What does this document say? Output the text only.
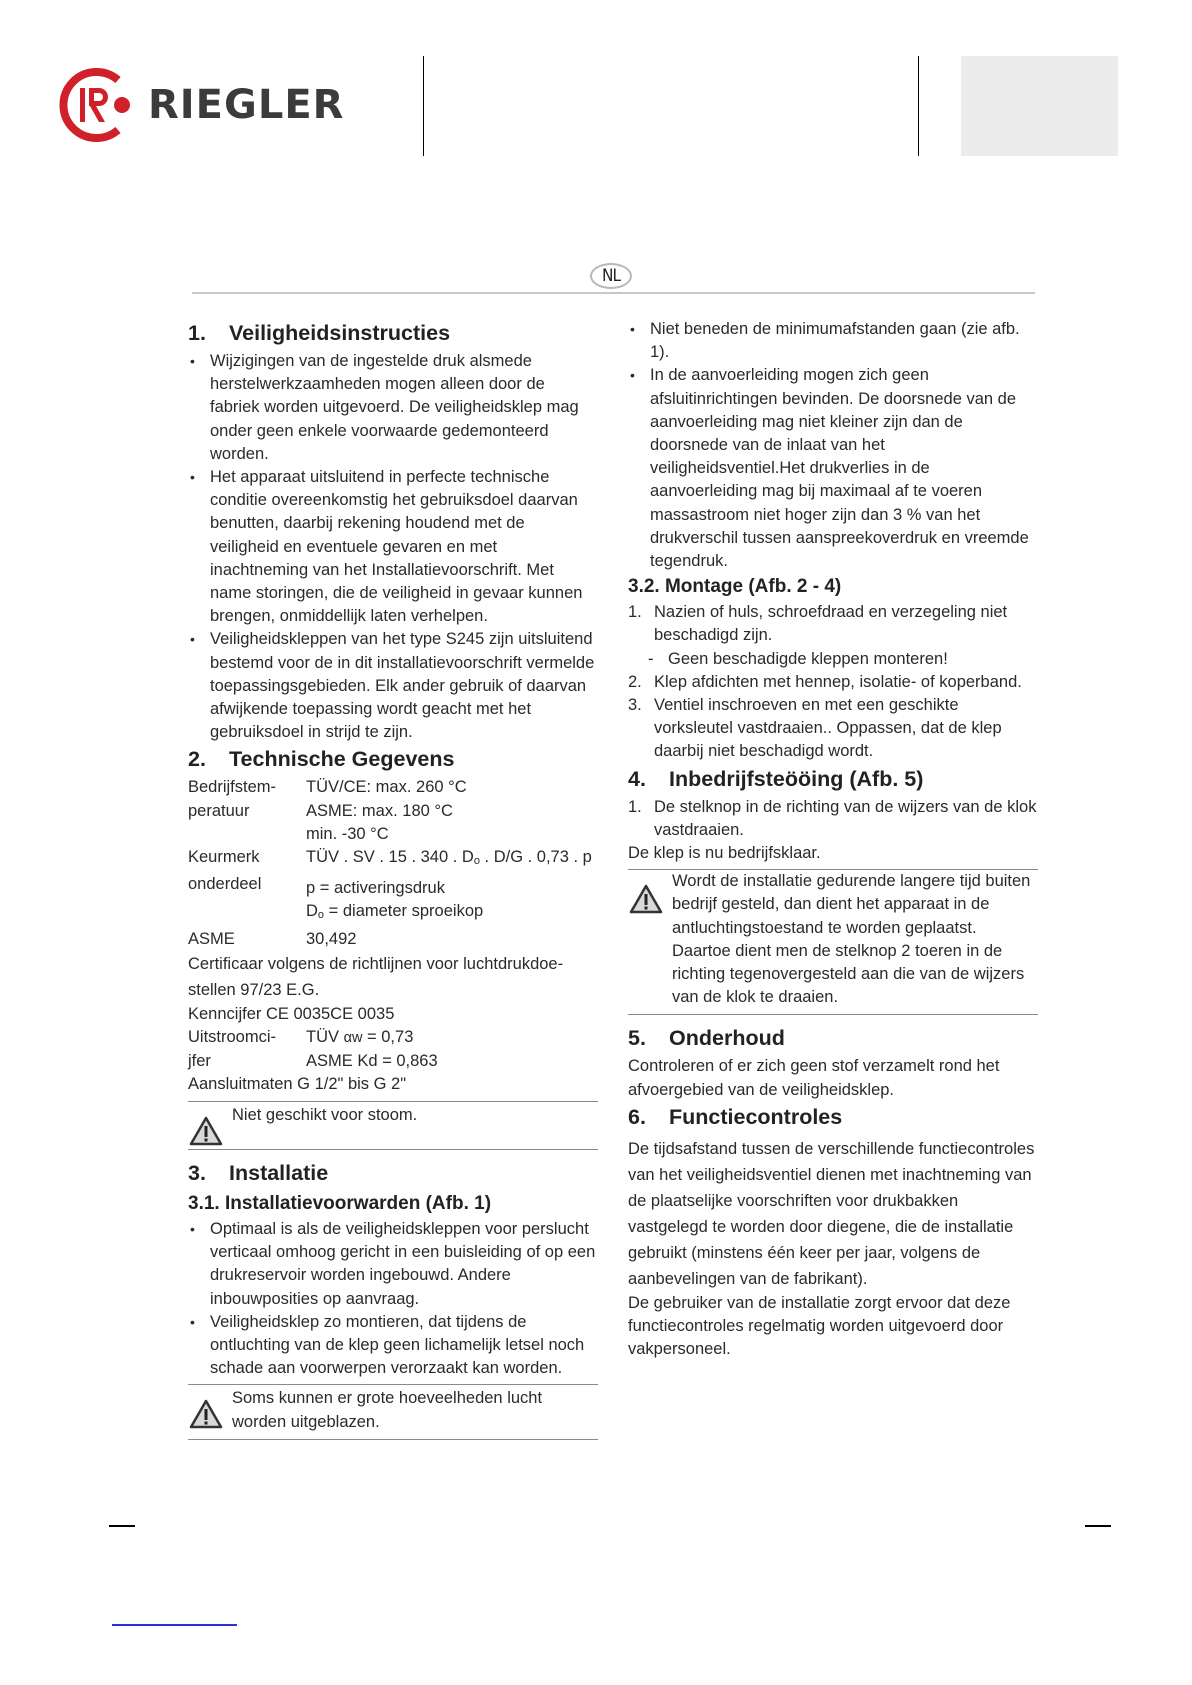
RIEGLER
NL
1.	Veiligheidsinstructies
• Wijzigingen van de ingestelde druk alsmede herstelwerkzaamheden mogen alleen door de fabriek worden uitgevoerd. De veiligheidsklep mag onder geen enkele voorwaarde gedemonteerd worden.
• Het apparaat uitsluitend in perfecte technische conditie overeenkomstig het gebruiksdoel daarvan benutten, daarbij rekening houdend met de veiligheid en eventuele gevaren en met inachtneming van het Installatievoorschrift. Met name storingen, die de veiligheid in gevaar kunnen brengen, onmiddellijk laten verhelpen.
• Veiligheidskleppen van het type S245 zijn uitsluitend bestemd voor de in dit installatievoorschrift vermelde toepassingsgebieden. Elk ander gebruik of daarvan afwijkende toepassing wordt geacht met het gebruiksdoel in strijd te zijn.
2.	Technische Gegevens
Bedrijfstem-	TÜV/CE: max. 260 °C
peratuur	ASME: max. 180 °C
	min. -30 °C
Keurmerk	TÜV . SV . 15 . 340 . $D_o$ . D/G . 0,73 . p
onderdeel	p = activeringsdruk
$D_o$ = diameter sproeikop

ASME	30,492

Certificaar volgens de richtlijnen voor luchtdrukdoe-stellen 97/23 E.G.

Kenncijfer CE 0035CE 0035

Uitstroomci-	TÜV αw = 0,73
jfer	ASME Kd = 0,863

Aansluitmaten G 1/2" bis G 2"

Niet geschikt voor stoom.
3.	Installatie
3.1. Installatievoorwarden (Afb. 1)
• Optimaal is als de veiligheidskleppen voor perslucht verticaal omhoog gericht in een buisleiding of op een drukreservoir worden ingebouwd. Andere inbouwposities op aanvraag.
• Veiligheidsklep zo montieren, dat tijdens de ontluchting van de klep geen lichamelijk letsel noch schade aan voorwerpen verorzaakt kan worden.
Soms kunnen er grote hoeveelheden lucht worden uitgeblazen.
• Niet beneden de minimumafstanden gaan (zie afb. 1).
• In de aanvoerleiding mogen zich geen afsluitinrichtingen bevinden. De doorsnede van de aanvoerleiding mag niet kleiner zijn dan de doorsnede van de inlaat van het veiligheidsventiel.Het drukverlies in de aanvoerleiding mag bij maximaal af te voeren massastroom niet hoger zijn dan 3 % van het drukverschil tussen aanspreekoverdruk en vreemde tegendruk.
3.2. Montage (Afb. 2 - 4)
1. Nazien of huls, schroefdraad en verzegeling niet beschadigd zijn.
- Geen beschadigde kleppen monteren!
2. Klep afdichten met hennep, isolatie- of koperband.
3. Ventiel inschroeven en met een geschikte vorksleutel vastdraaien.. Oppassen, dat de klep daarbij niet beschadigd wordt.
4.	Inbedrijfsteööing (Afb. 5)
1. De stelknop in de richting van de wijzers van de klok vastdraaien.

De klep is nu bedrijfsklaar.

Wordt de installatie gedurende langere tijd buiten bedrijf gesteld, dan dient het apparaat in de antluchtingstoestand te worden geplaatst. Daartoe dient men de stelknop 2 toeren in de richting tegenovergesteld aan die van de wijzers van de klok te draaien.
5.	Onderhoud

Controleren of er zich geen stof verzamelt rond het afvoergebied van de veiligheidsklep.

6.	Functiecontroles

De tijdsafstand tussen de verschillende functiecontroles van het veiligheidsventiel dienen met inachtneming van de plaatselijke voorschriften voor drukbakken vastgelegd te worden door diegene, die de installatie gebruikt (minstens één keer per jaar, volgens de aanbevelingen van de fabrikant).

De gebruiker van de installatie zorgt ervoor dat deze functiecontroles regelmatig worden uitgevoerd door vakpersoneel.
